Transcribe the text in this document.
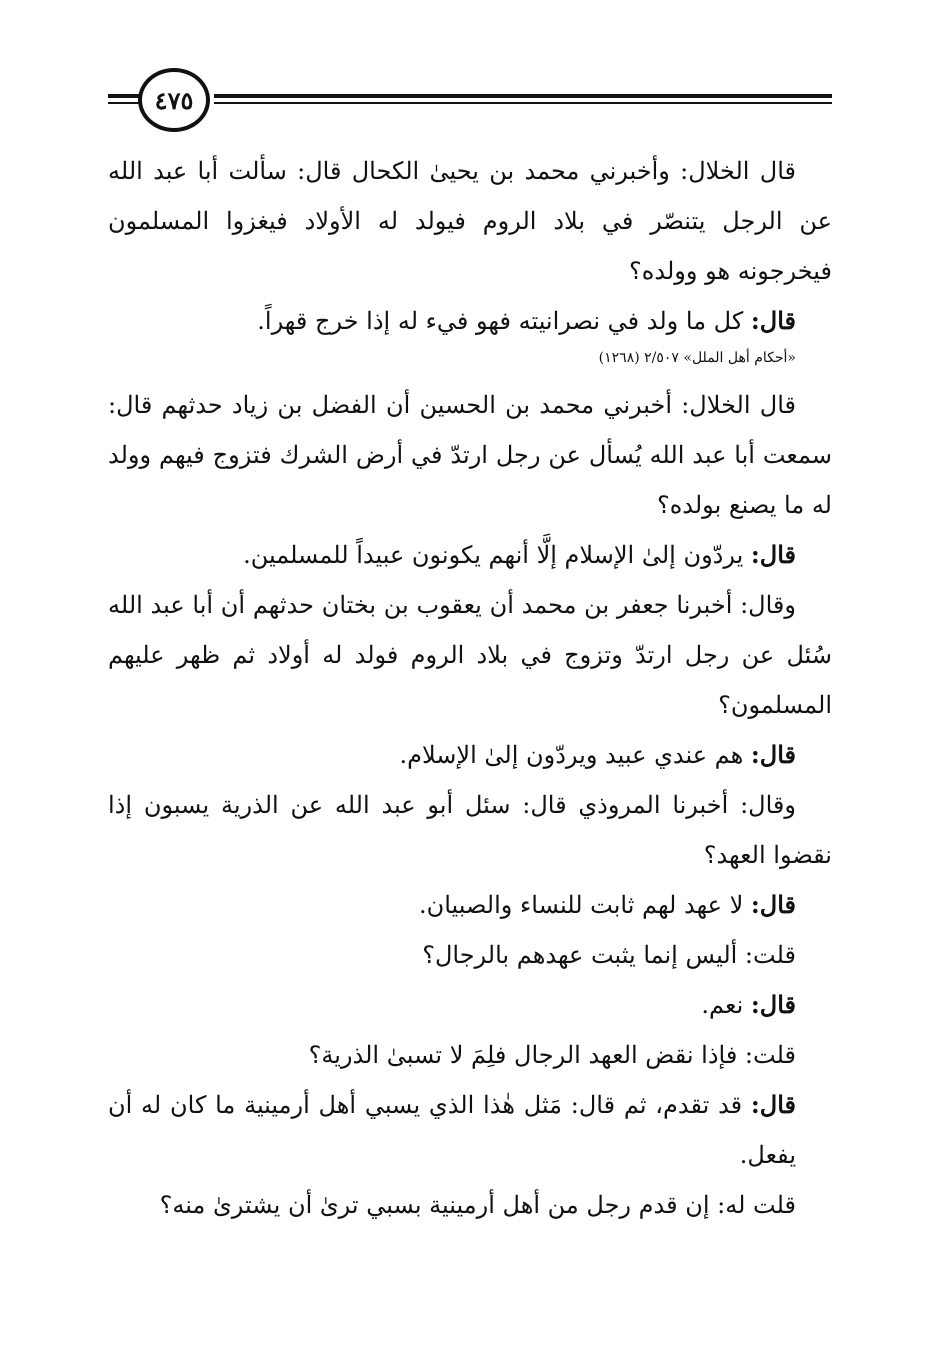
٤٧٥

قال الخلال: وأخبرني محمد بن يحيىٰ الكحال قال: سألت أبا عبد الله عن الرجل يتنصّر في بلاد الروم فيولد له الأولاد فيغزوا المسلمون فيخرجونه هو وولده؟

قال: كل ما ولد في نصرانيته فهو فيء له إذا خرج قهراً.

«أحكام أهل الملل» ٢/٥٠٧ (١٢٦٨)

قال الخلال: أخبرني محمد بن الحسين أن الفضل بن زياد حدثهم قال: سمعت أبا عبد الله يُسأل عن رجل ارتدّ في أرض الشرك فتزوج فيهم وولد له ما يصنع بولده؟

قال: يردّون إلىٰ الإسلام إلَّا أنهم يكونون عبيداً للمسلمين.

وقال: أخبرنا جعفر بن محمد أن يعقوب بن بختان حدثهم أن أبا عبد الله سُئل عن رجل ارتدّ وتزوج في بلاد الروم فولد له أولاد ثم ظهر عليهم المسلمون؟

قال: هم عندي عبيد ويردّون إلىٰ الإسلام.

وقال: أخبرنا المروذي قال: سئل أبو عبد الله عن الذرية يسبون إذا نقضوا العهد؟

قال: لا عهد لهم ثابت للنساء والصبيان.

قلت: أليس إنما يثبت عهدهم بالرجال؟

قال: نعم.

قلت: فإذا نقض العهد الرجال فلِمَ لا تسبىٰ الذرية؟

قال: قد تقدم، ثم قال: مَثل هٰذا الذي يسبي أهل أرمينية ما كان له أن يفعل.

قلت له: إن قدم رجل من أهل أرمينية بسبي ترىٰ أن يشترىٰ منه؟
